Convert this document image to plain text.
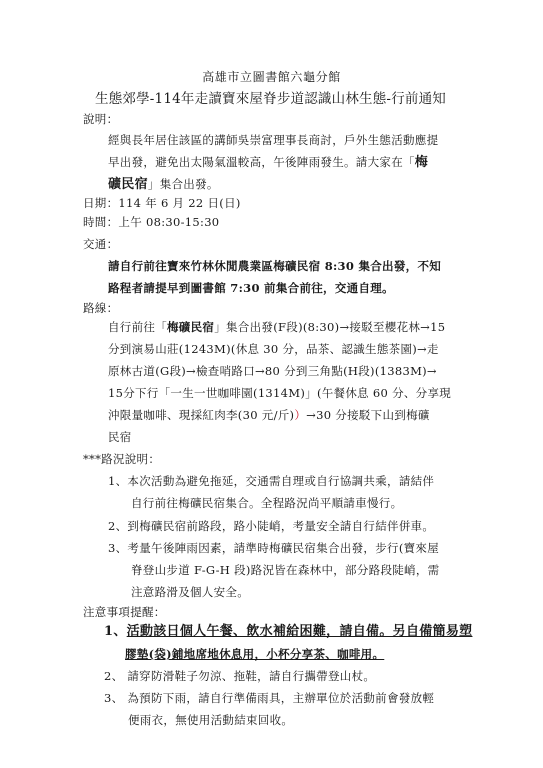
高雄市立圖書館六龜分館
生態郊學-114年走讀寶來屋脊步道認識山林生態-行前通知
說明：
經與長年居住該區的講師吳崇富理事長商討，戶外生態活動應提
早出發，避免出太陽氣溫較高，午後陣雨發生。請大家在「梅
礦民宿」集合出發。
日期：114 年 6 月 22 日(日)
時間：上午 08:30-15:30
交通：
請自行前往寶來竹林休閒農業區梅礦民宿 8:30 集合出發，不知
路程者請提早到圖書館 7:30 前集合前往，交通自理。
路線：
自行前往「梅礦民宿」集合出發(F段)(8:30)→接駁至櫻花林→15
分到演易山莊(1243M)(休息 30 分，品茶、認識生態茶園)→走
原林古道(G段)→檢查哨路口→80 分到三角點(H段)(1383M)→
15分下行「一生一世咖啡園(1314M)」(午餐休息 60 分、分享現
沖限量咖啡、現採紅肉李(30 元/斤)）→30 分接駁下山到梅礦
民宿
***路況說明：
1、本次活動為避免拖延，交通需自理或自行協調共乘，請結伴
自行前往梅礦民宿集合。全程路況尚平順請車慢行。
2、到梅礦民宿前路段，路小陡峭，考量安全請自行結伴併車。
3、考量午後陣雨因素，請準時梅礦民宿集合出發，步行(寶來屋
脊登山步道 F-G-H 段)路況皆在森林中，部分路段陡峭，需
注意路滑及個人安全。
注意事項提醒：
1、活動該日個人午餐、飲水補給困難，請自備。另自備簡易塑
膠墊(袋)鋪地席地休息用，小杯分享茶、咖啡用。
2、 請穿防滑鞋子勿涼、拖鞋，請自行攜帶登山杖。
3、 為預防下雨，請自行準備雨具，主辦單位於活動前會發放輕
便雨衣，無使用活動結束回收。
